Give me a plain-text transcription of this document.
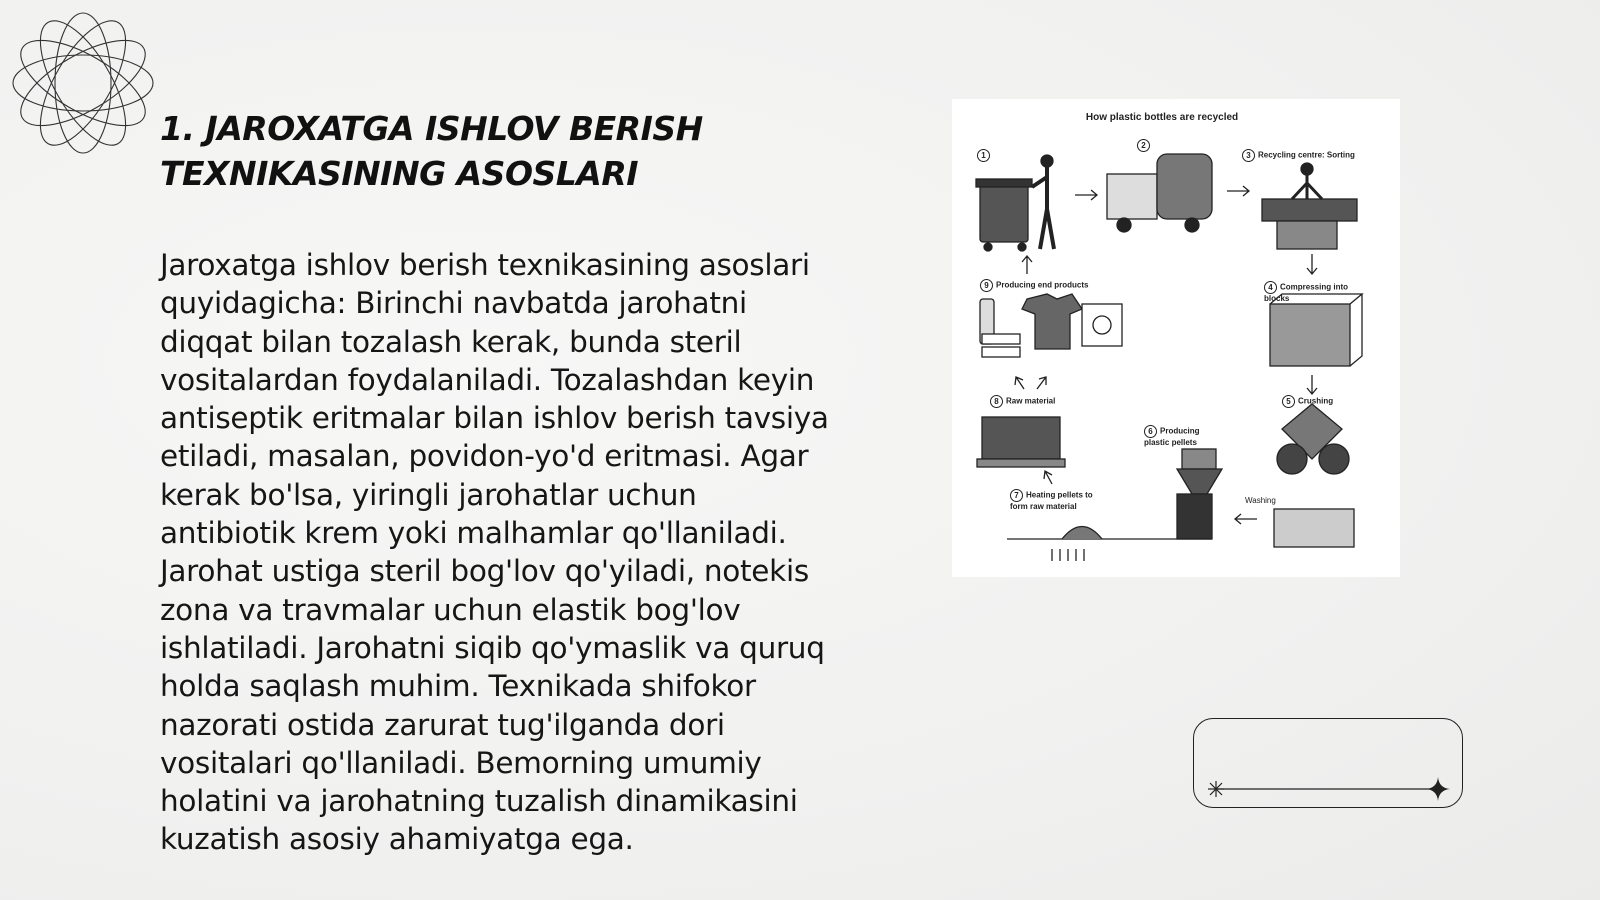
1. JAROXATGA ISHLOV BERISH TEXNIKASINING ASOSLARI
Jaroxatga ishlov berish texnikasining asoslari quyidagicha: Birinchi navbatda jarohatni diqqat bilan tozalash kerak, bunda steril vositalardan foydalaniladi. Tozalashdan keyin antiseptik eritmalar bilan ishlov berish tavsiya etiladi, masalan, povidon-yo'd eritmasi. Agar kerak bo'lsa, yiringli jarohatlar uchun antibiotik krem yoki malhamlar qo'llaniladi. Jarohat ustiga steril bog'lov qo'yiladi, notekis zona va travmalar uchun elastik bog'lov ishlatiladi. Jarohatni siqib qo'ymaslik va quruq holda saqlash muhim. Texnikada shifokor nazorati ostida zarurat tug'ilganda dori vositalari qo'llaniladi. Bemorning umumiy holatini va jarohatning tuzalish dinamikasini kuzatish asosiy ahamiyatga ega.
How plastic bottles are recycled
1
2
3 Recycling centre: Sorting
4 Compressing into blocks
5 Crushing
6 Producing plastic pellets
7 Heating pellets to form raw material
8 Raw material
9 Producing end products
Washing
